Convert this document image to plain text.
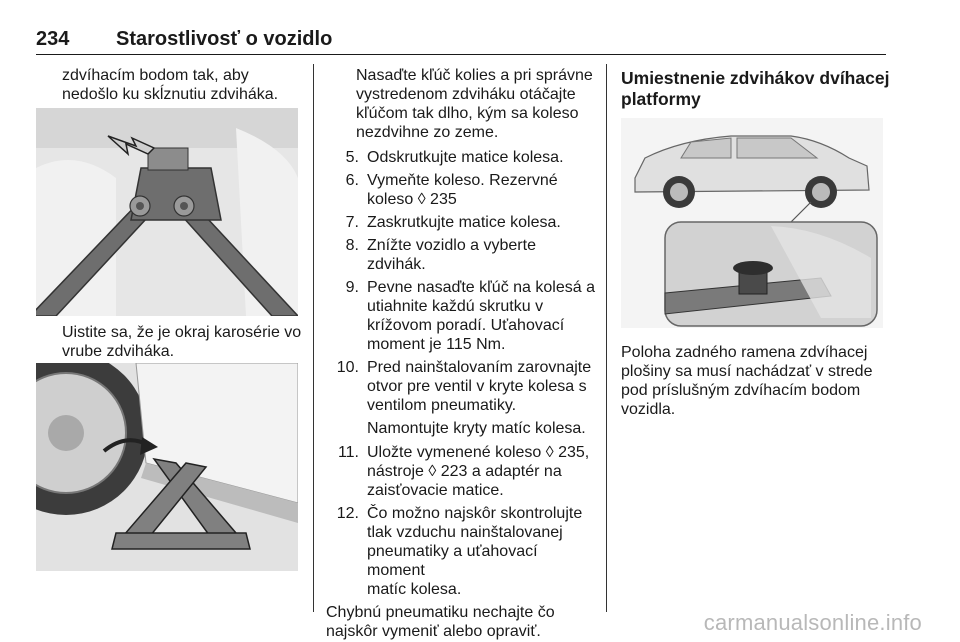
234 Starostlivosť o vozidlo

zdvíhacím bodom tak, aby

nedošlo ku skĺznutiu zdviháka.

Uistite sa, že je okraj karosérie vo

vrube zdviháka.

Nasaďte kľúč kolies a pri správne

vystredenom zdviháku otáčajte

kľúčom tak dlho, kým sa koleso

nezdvihne zo zeme.

5. Odskrutkujte matice kolesa.

6. Vymeňte koleso. Rezervné

koleso ◊ 235

7. Zaskrutkujte matice kolesa.

8. Znížte vozidlo a vyberte zdvihák.

9. Pevne nasaďte kľúč na kolesá a

utiahnite každú skrutku v

krížovom poradí. Uťahovací

moment je 115 Nm.

10. Pred nainštalovaním zarovnajte

otvor pre ventil v kryte kolesa s

ventilom pneumatiky.

Namontujte kryty matíc kolesa.

11. Uložte vymenené koleso ◊ 235,

nástroje ◊ 223 a adaptér na

zaisťovacie matice.

12. Čo možno najskôr skontrolujte

tlak vzduchu nainštalovanej

pneumatiky a uťahovací moment

matíc kolesa.

Chybnú pneumatiku nechajte čo

najskôr vymeniť alebo opraviť.

Umiestnenie zdvihákov dvíhacej

platformy

Poloha zadného ramena zdvíhacej

plošiny sa musí nachádzať v strede

pod príslušným zdvíhacím bodom

vozidla.

carmanualsonline.info
